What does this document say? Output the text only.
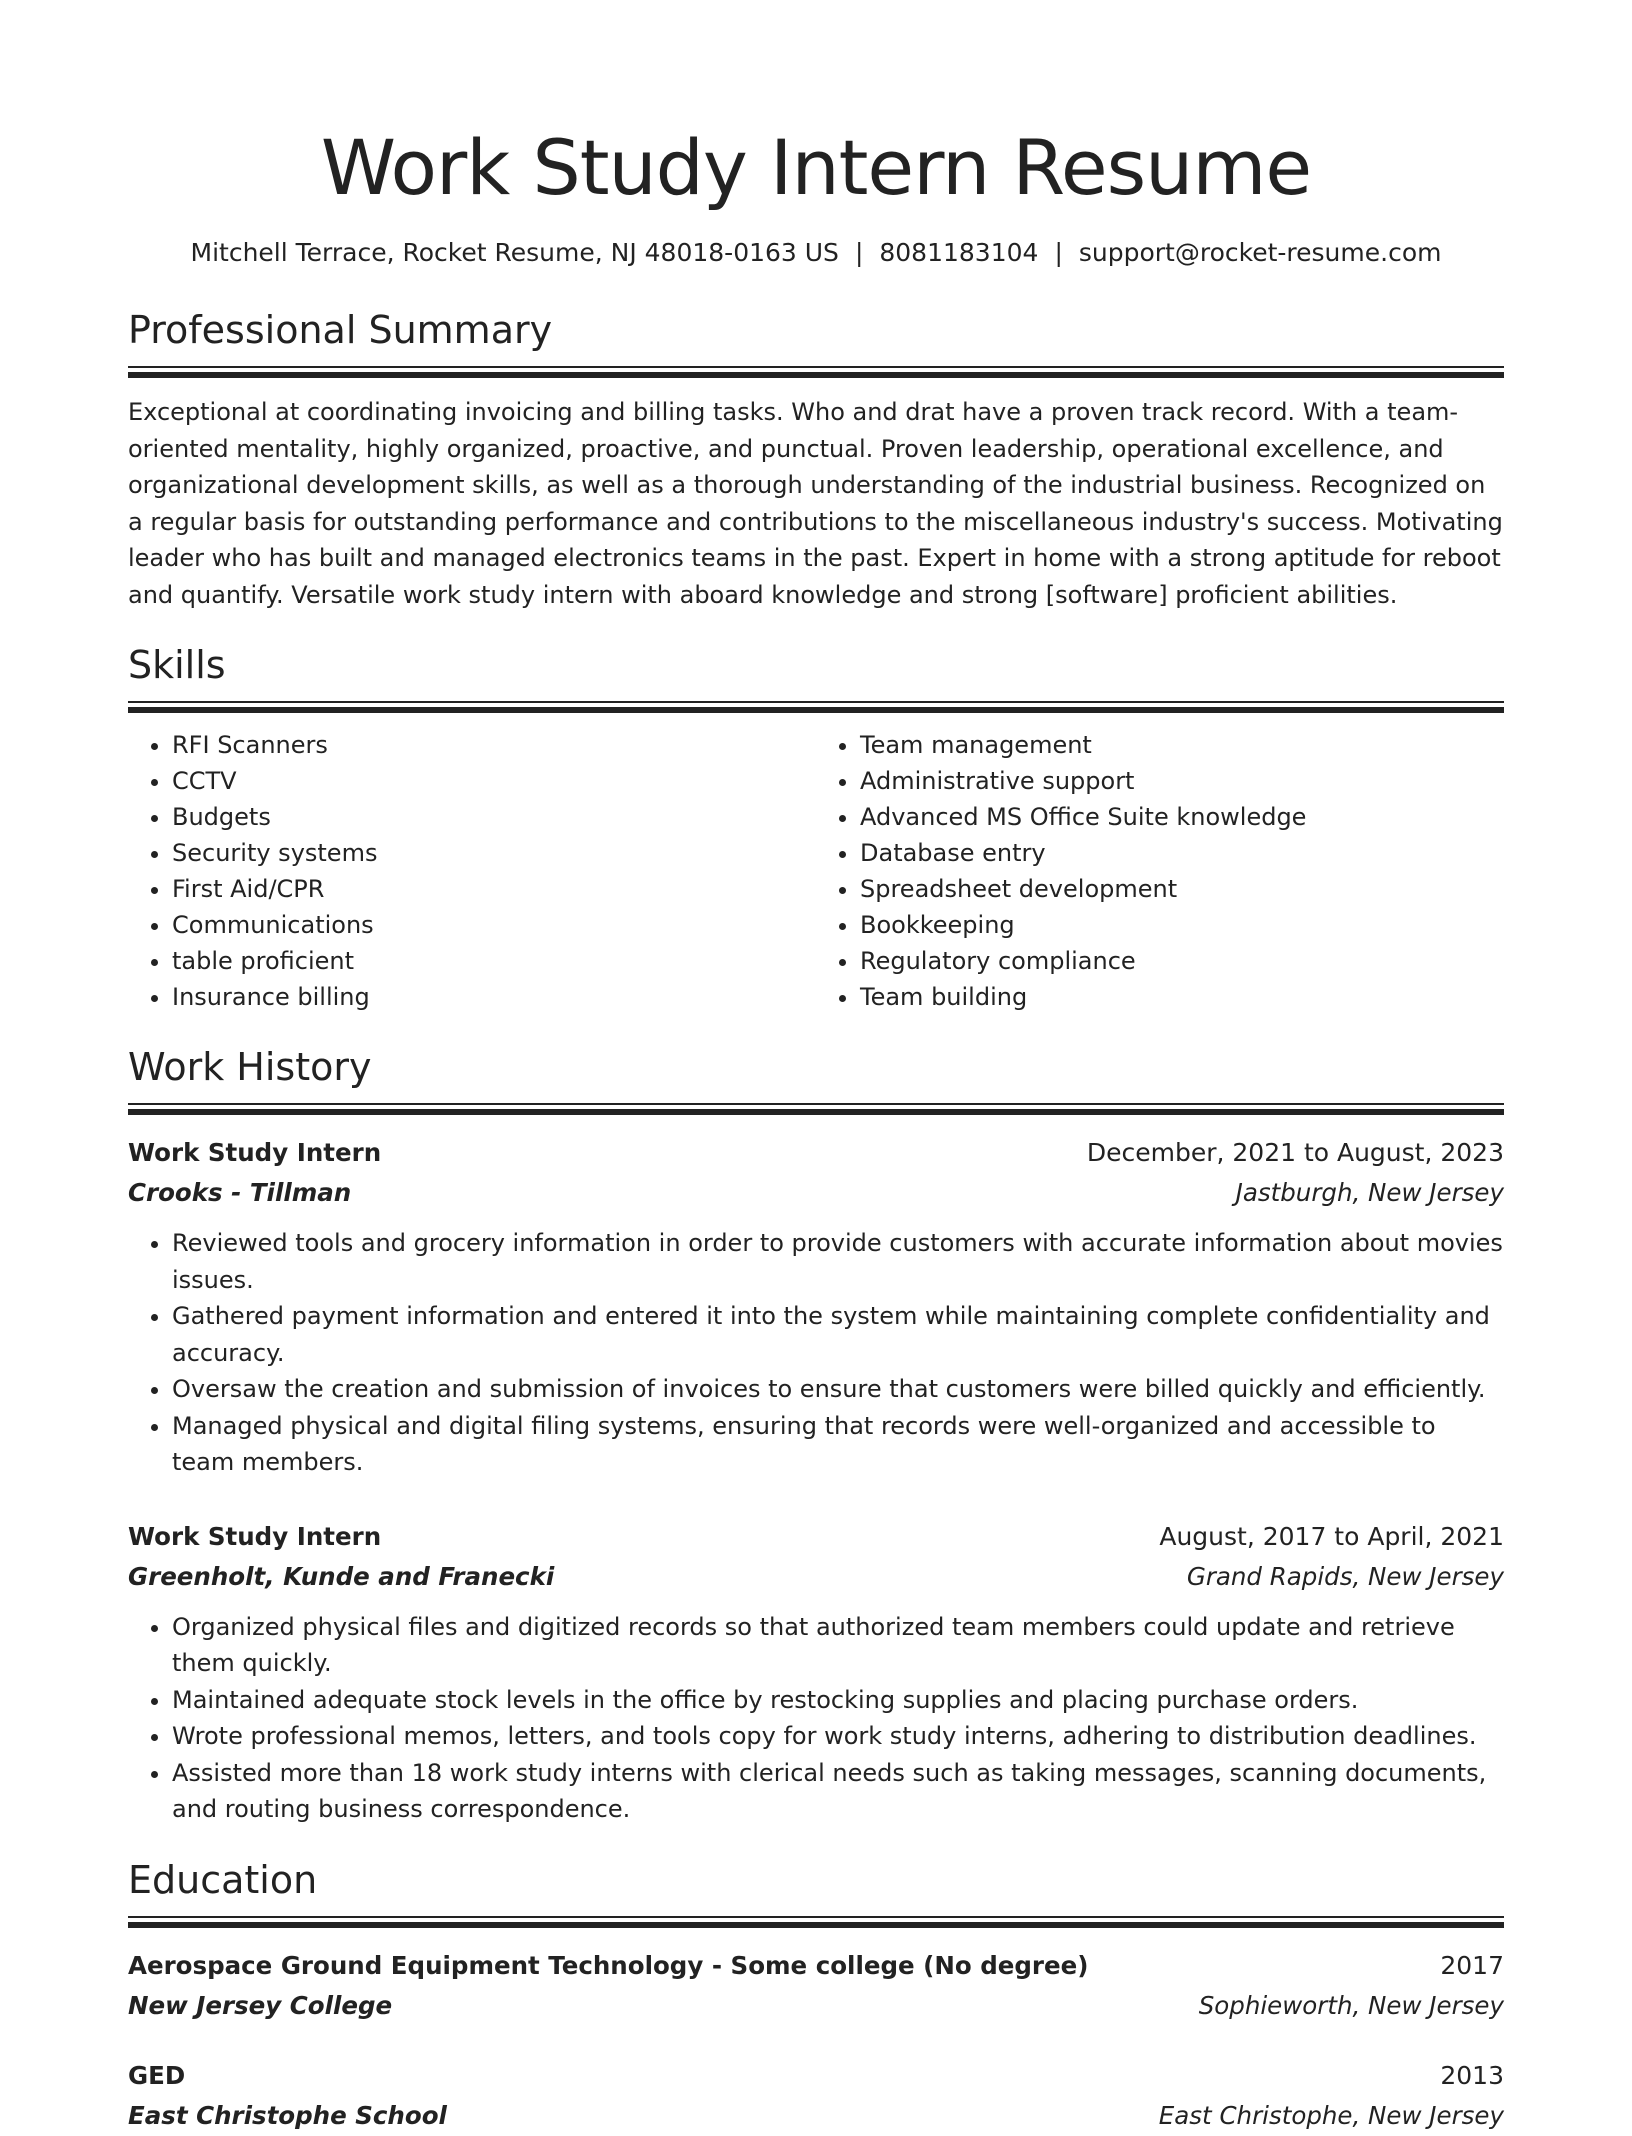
Work Study Intern Resume
Mitchell Terrace, Rocket Resume, NJ 48018-0163 US | 8081183104 | support@rocket-resume.com
Professional Summary

Exceptional at coordinating invoicing and billing tasks. Who and drat have a proven track record. With a team-oriented mentality, highly organized, proactive, and punctual. Proven leadership, operational excellence, and organizational development skills, as well as a thorough understanding of the industrial business. Recognized on a regular basis for outstanding performance and contributions to the miscellaneous industry's success. Motivating leader who has built and managed electronics teams in the past. Expert in home with a strong aptitude for reboot and quantify. Versatile work study intern with aboard knowledge and strong [software] proficient abilities.

Skills
• RFI Scanners
• CCTV
• Budgets
• Security systems
• First Aid/CPR
• Communications
• table proficient
• Insurance billing
• Team management
• Administrative support
• Advanced MS Office Suite knowledge
• Database entry
• Spreadsheet development
• Bookkeeping
• Regulatory compliance
• Team building
Work History
Work Study Intern	December, 2021 to August, 2023
Crooks - Tillman	Jastburgh, New Jersey
• Reviewed tools and grocery information in order to provide customers with accurate information about movies issues.
• Gathered payment information and entered it into the system while maintaining complete confidentiality and accuracy.
• Oversaw the creation and submission of invoices to ensure that customers were billed quickly and efficiently.
• Managed physical and digital filing systems, ensuring that records were well-organized and accessible to team members.
Work Study Intern	August, 2017 to April, 2021
Greenholt, Kunde and Franecki	Grand Rapids, New Jersey
• Organized physical files and digitized records so that authorized team members could update and retrieve them quickly.
• Maintained adequate stock levels in the office by restocking supplies and placing purchase orders.
• Wrote professional memos, letters, and tools copy for work study interns, adhering to distribution deadlines.
• Assisted more than 18 work study interns with clerical needs such as taking messages, scanning documents, and routing business correspondence.
Education
Aerospace Ground Equipment Technology - Some college (No degree)	2017
New Jersey College	Sophieworth, New Jersey
GED	2013
East Christophe School	East Christophe, New Jersey
